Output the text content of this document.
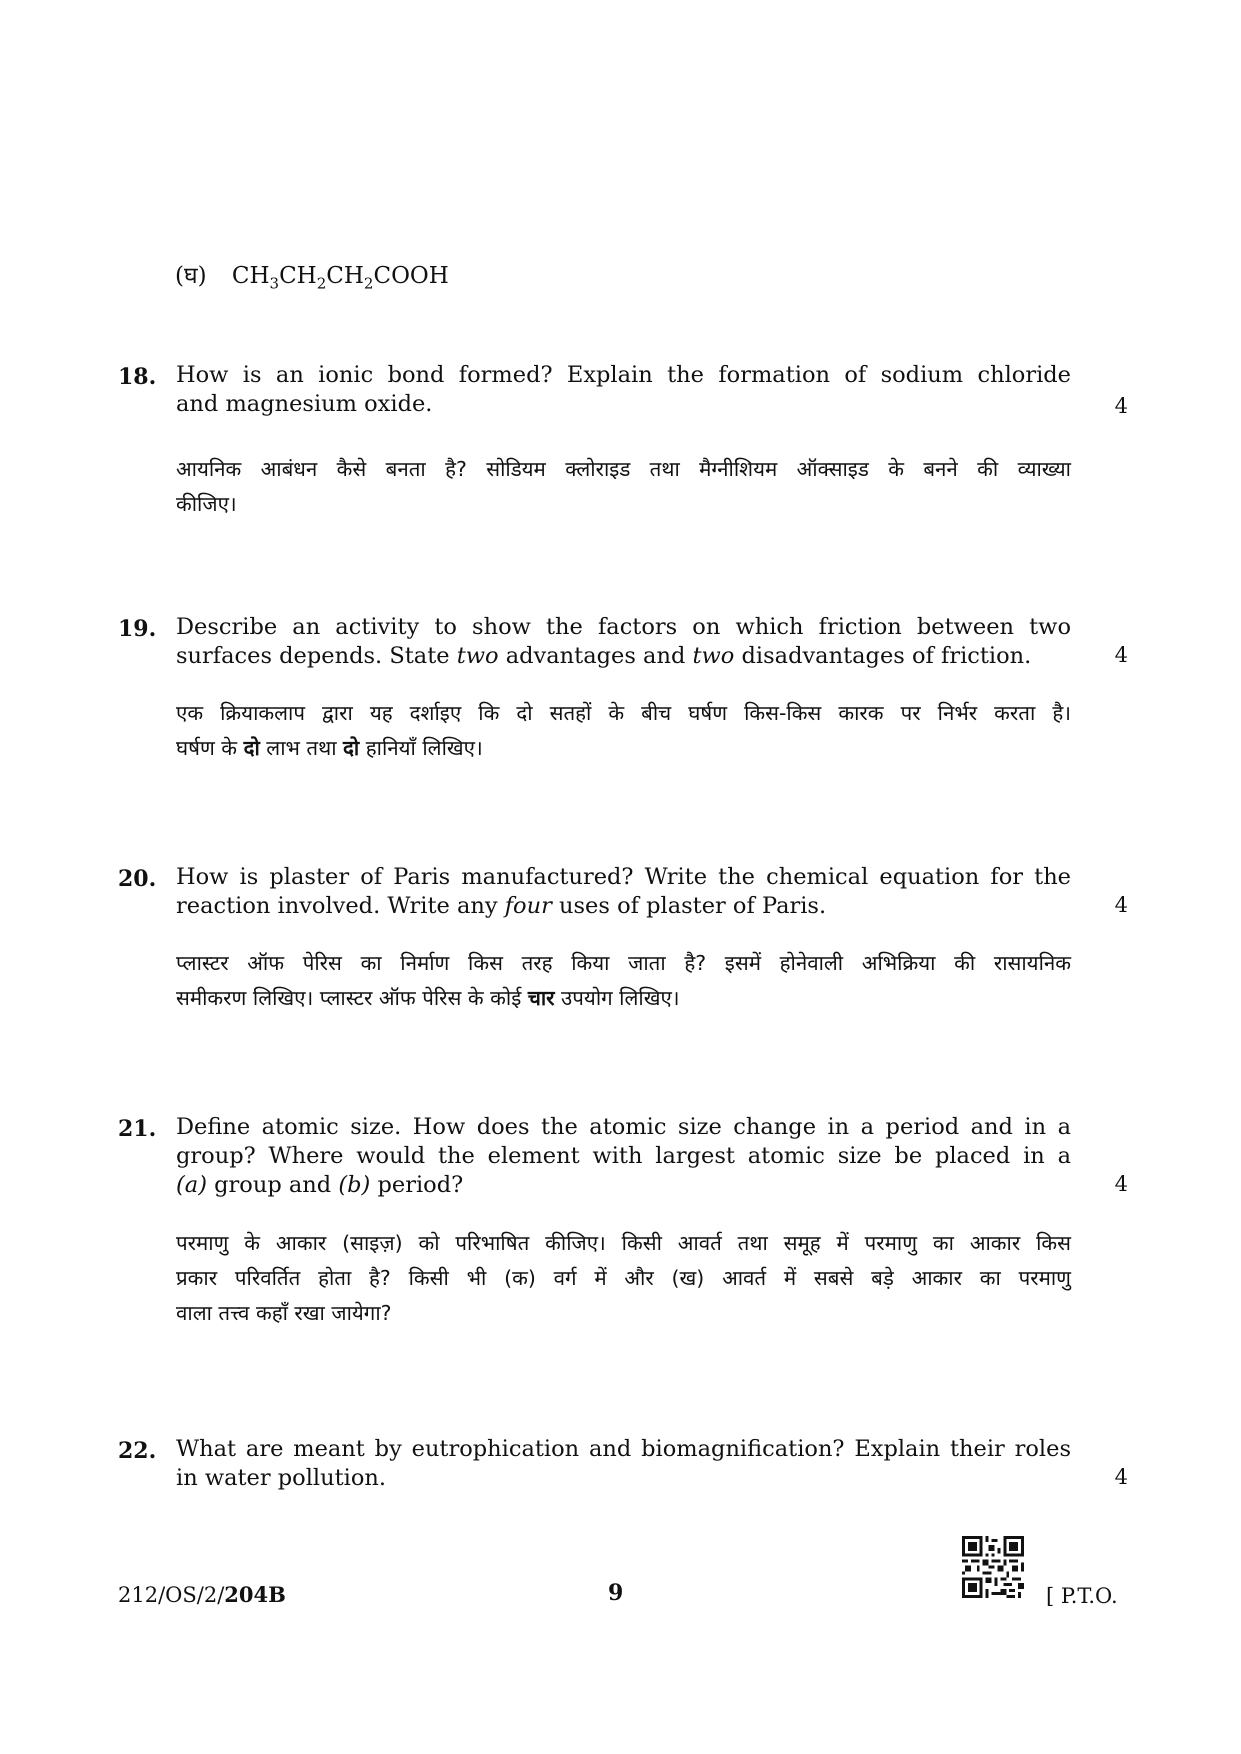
(घ) $CH_3CH_2CH_2COOH$
18. How is an ionic bond formed? Explain the formation of sodium chloride
and magnesium oxide.	4
आयनिक आबंधन कैसे बनता है? सोडियम क्लोराइड तथा मैग्नीशियम ऑक्साइड के बनने की व्याख्या
कीजिए।
19. Describe an activity to show the factors on which friction between two
surfaces depends. State two advantages and two disadvantages of friction.	4
एक क्रियाकलाप द्वारा यह दर्शाइए कि दो सतहों के बीच घर्षण किस-किस कारक पर निर्भर करता है।
घर्षण के दो लाभ तथा दो हानियाँ लिखिए।
20. How is plaster of Paris manufactured? Write the chemical equation for the
reaction involved. Write any four uses of plaster of Paris.	4
प्लास्टर ऑफ पेरिस का निर्माण किस तरह किया जाता है? इसमें होनेवाली अभिक्रिया की रासायनिक
समीकरण लिखिए। प्लास्टर ऑफ पेरिस के कोई चार उपयोग लिखिए।
21. Define atomic size. How does the atomic size change in a period and in a
group? Where would the element with largest atomic size be placed in a
(a) group and (b) period?	4
परमाणु के आकार (साइज़) को परिभाषित कीजिए। किसी आवर्त तथा समूह में परमाणु का आकार किस
प्रकार परिवर्तित होता है? किसी भी (क) वर्ग में और (ख) आवर्त में सबसे बड़े आकार का परमाणु
वाला तत्त्व कहाँ रखा जायेगा?
22. What are meant by eutrophication and biomagnification? Explain their roles
in water pollution.	4
212/OS/2/204B	9	[ P.T.O.
